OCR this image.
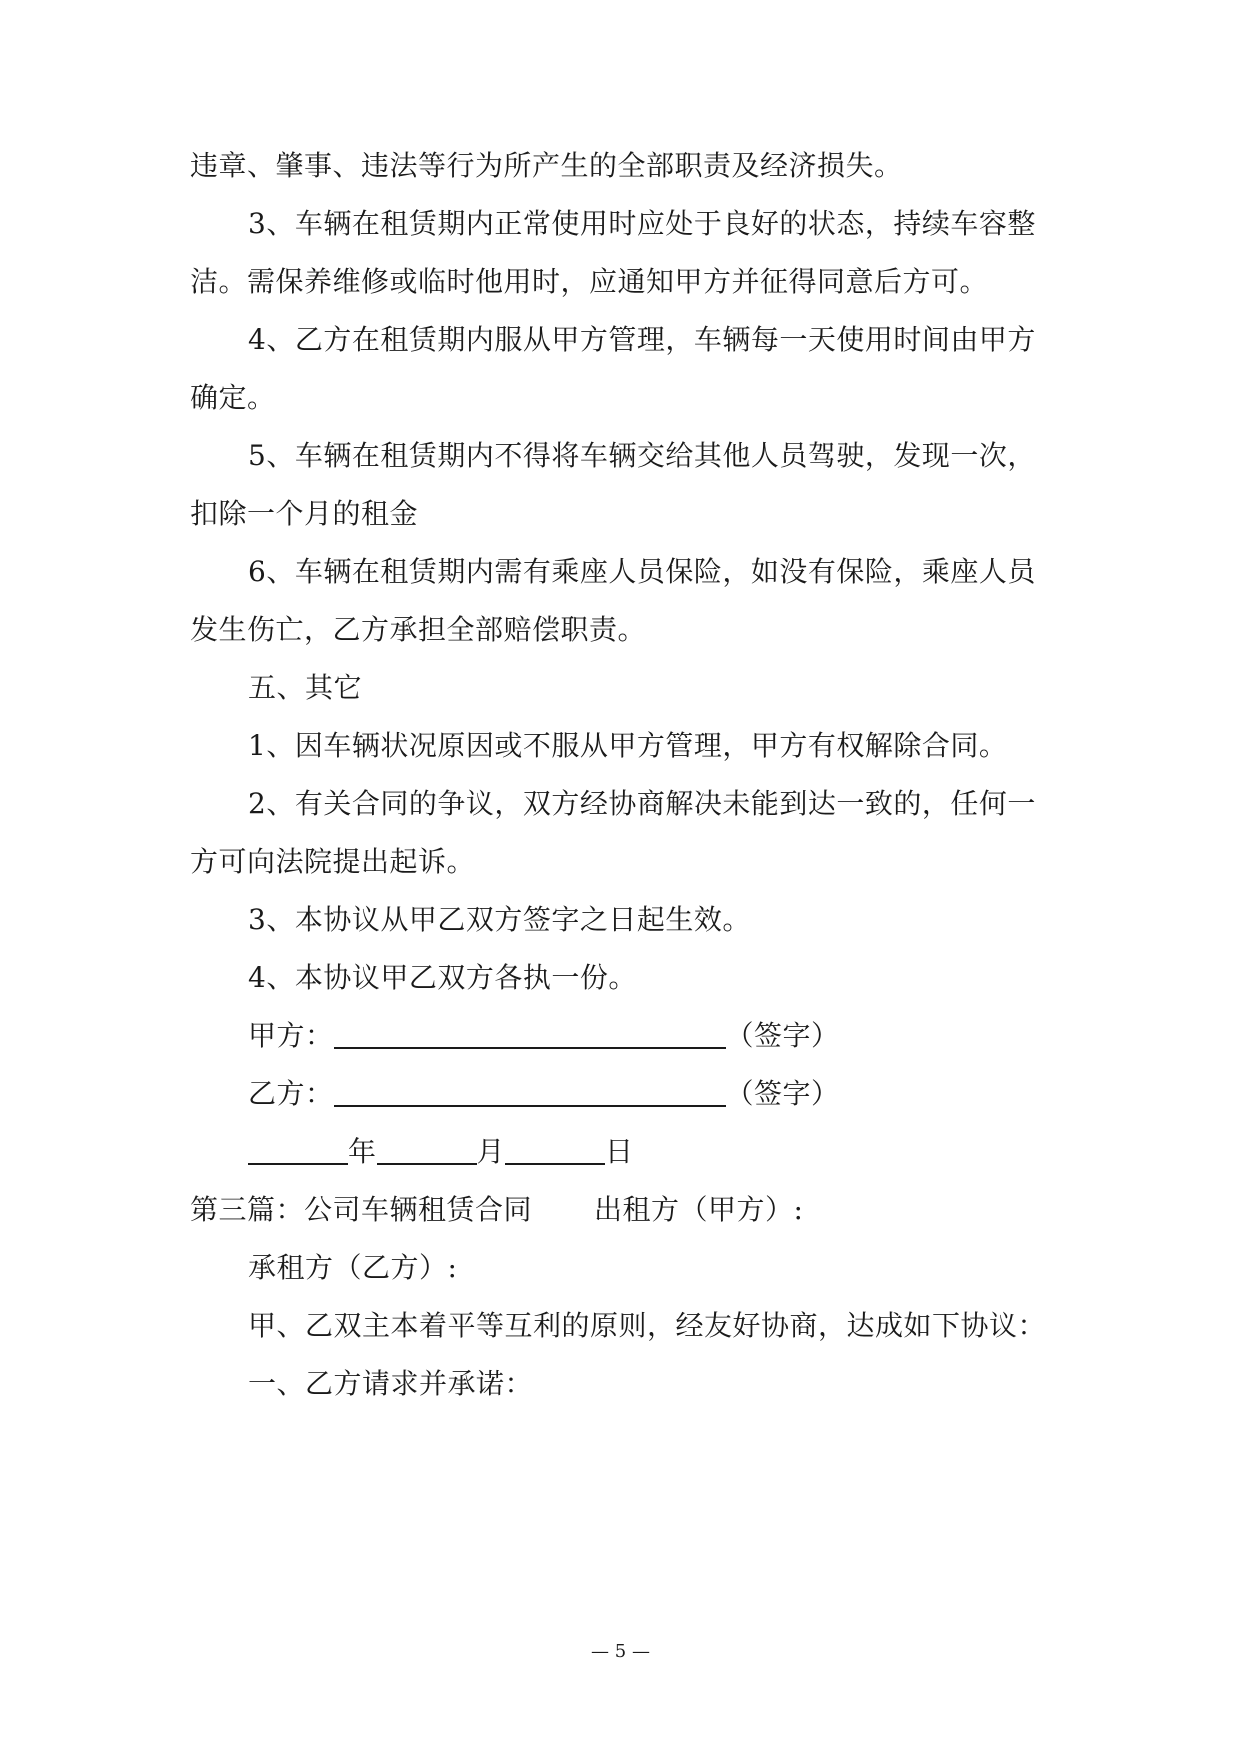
违章、肇事、违法等行为所产生的全部职责及经济损失。
3、车辆在租赁期内正常使用时应处于良好的状态，持续车容整
洁。需保养维修或临时他用时，应通知甲方并征得同意后方可。
4、乙方在租赁期内服从甲方管理，车辆每一天使用时间由甲方
确定。
5、车辆在租赁期内不得将车辆交给其他人员驾驶，发现一次，
扣除一个月的租金
6、车辆在租赁期内需有乘座人员保险，如没有保险，乘座人员
发生伤亡，乙方承担全部赔偿职责。
五、其它
1、因车辆状况原因或不服从甲方管理，甲方有权解除合同。
2、有关合同的争议，双方经协商解决未能到达一致的，任何一
方可向法院提出起诉。
3、本协议从甲乙双方签字之日起生效。
4、本协议甲乙双方各执一份。
甲方：	（签字）
乙方：	（签字）
年	月	日
第三篇：公司车辆租赁合同 出租方（甲方）:
承租方（乙方）:
甲、乙双主本着平等互利的原则，经友好协商，达成如下协议：
一、乙方请求并承诺：
— 5 —
